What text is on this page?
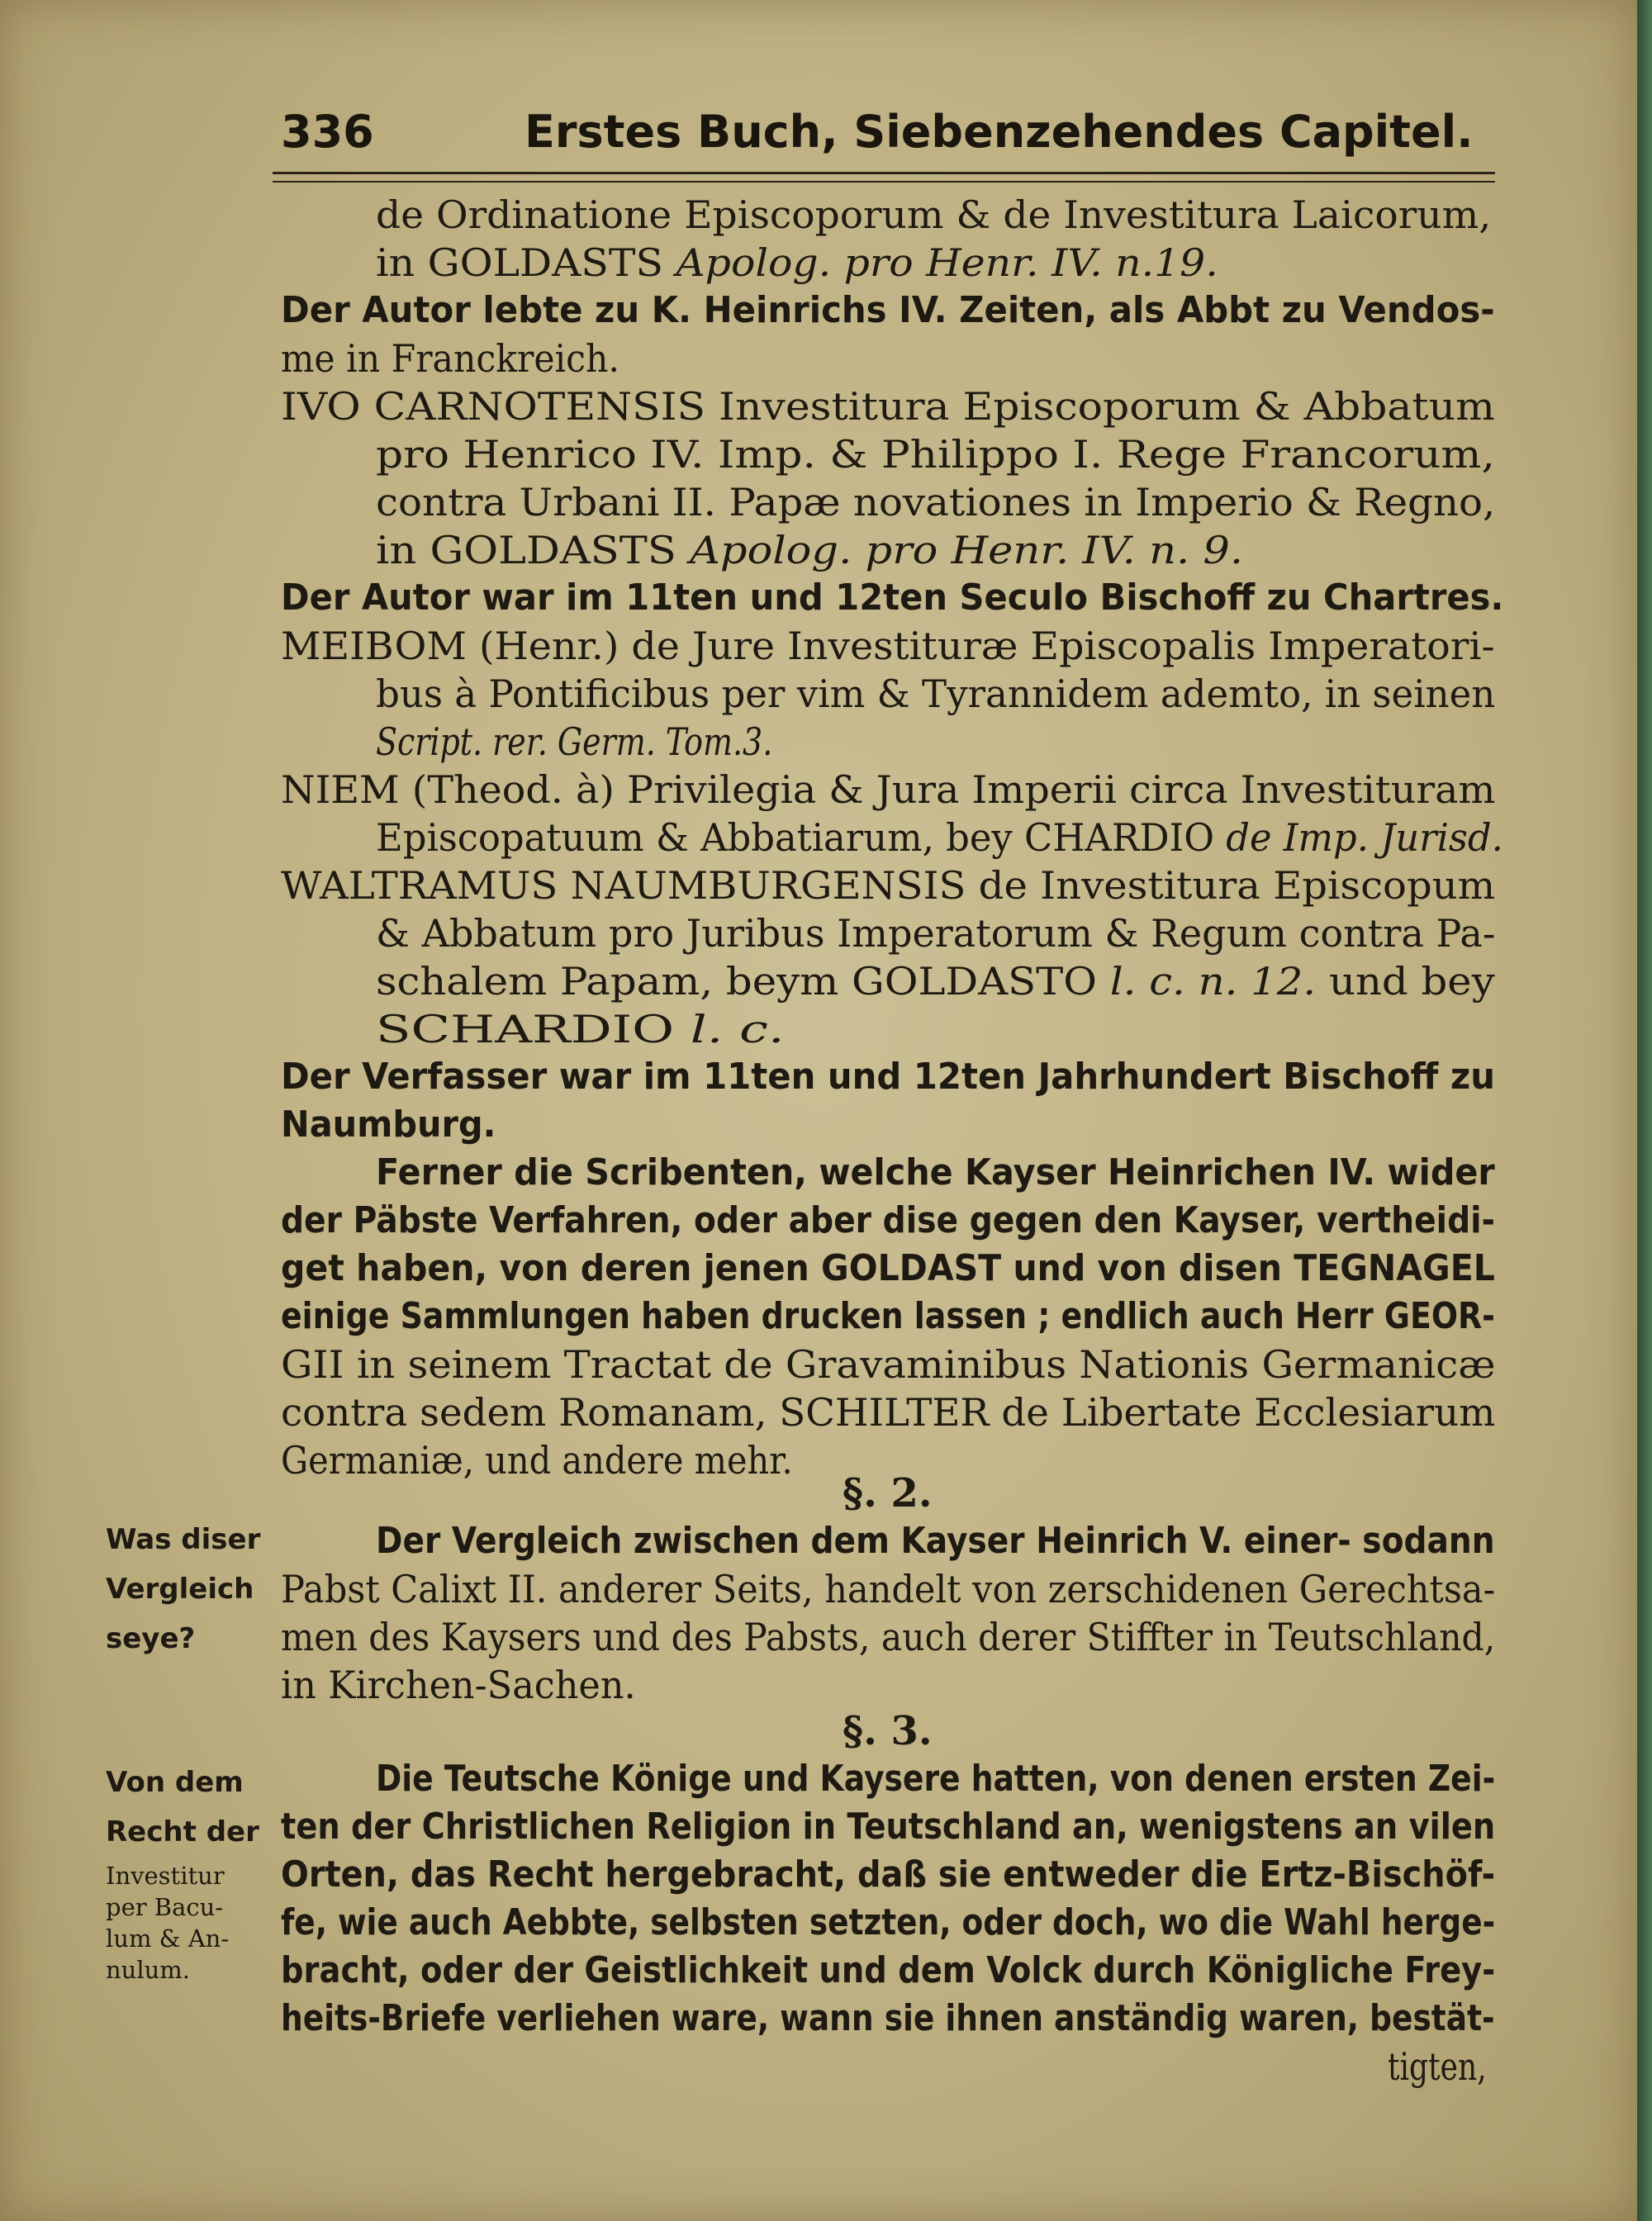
336	Erstes Buch, Siebenzehendes Capitel.
de Ordinatione Episcoporum & de Investitura Laicorum,
in GOLDASTS Apolog. pro Henr. IV. n.19.
Der Autor lebte zu K. Heinrichs IV. Zeiten, als Abbt zu Vendos-
me in Franckreich.
IVO CARNOTENSIS Investitura Episcoporum & Abbatum
pro Henrico IV. Imp. & Philippo I. Rege Francorum,
contra Urbani II. Papæ novationes in Imperio & Regno,
in GOLDASTS Apolog. pro Henr. IV. n. 9.
Der Autor war im 11ten und 12ten Seculo Bischoff zu Chartres.
MEIBOM (Henr.) de Jure Investituræ Episcopalis Imperatori-
bus à Pontificibus per vim & Tyrannidem ademto, in seinen
Script. rer. Germ. Tom.3.
NIEM (Theod. à) Privilegia & Jura Imperii circa Investituram
Episcopatuum & Abbatiarum, bey CHARDIO de Imp. Jurisd.
WALTRAMUS NAUMBURGENSIS de Investitura Episcopum
& Abbatum pro Juribus Imperatorum & Regum contra Pa-
schalem Papam, beym GOLDASTO l. c. n. 12. und bey
SCHARDIO l. c.
Der Verfasser war im 11ten und 12ten Jahrhundert Bischoff zu
Naumburg.
Ferner die Scribenten, welche Kayser Heinrichen IV. wider
der Päbste Verfahren, oder aber dise gegen den Kayser, vertheidi-
get haben, von deren jenen GOLDAST und von disen TEGNAGEL
einige Sammlungen haben drucken lassen ; endlich auch Herr GEOR-
GII in seinem Tractat de Gravaminibus Nationis Germanicæ
contra sedem Romanam, SCHILTER de Libertate Ecclesiarum
Germaniæ, und andere mehr.
Der Vergleich zwischen dem Kayser Heinrich V. einer- sodann
Pabst Calixt II. anderer Seits, handelt von zerschidenen Gerechtsa-
men des Kaysers und des Pabsts, auch derer Stiffter in Teutschland,
in Kirchen-Sachen.
Die Teutsche Könige und Kaysere hatten, von denen ersten Zei-
ten der Christlichen Religion in Teutschland an, wenigstens an vilen
Orten, das Recht hergebracht, daß sie entweder die Ertz-Bischöf-
fe, wie auch Aebbte, selbsten setzten, oder doch, wo die Wahl herge-
bracht, oder der Geistlichkeit und dem Volck durch Königliche Frey-
heits-Briefe verliehen ware, wann sie ihnen anständig waren, bestät-
tigten,
§. 2.
§. 3.
Was diser
Vergleich
seye?
Von dem
Recht der
Investitur
per Bacu-
lum & An-
nulum.
